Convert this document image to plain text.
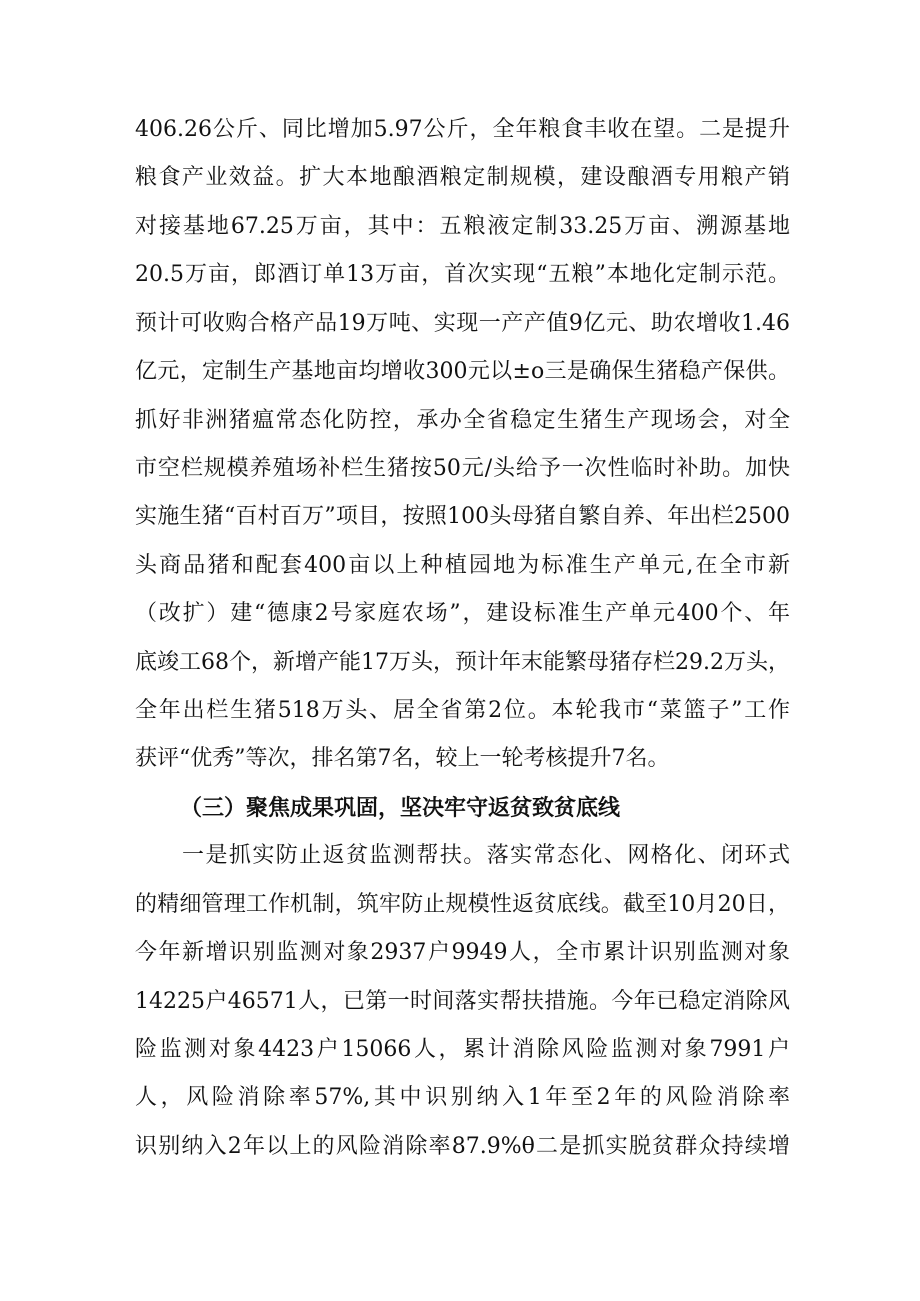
406.26公斤、同比增加5.97公斤，全年粮食丰收在望。二是提升
粮食产业效益。扩大本地酿酒粮定制规模，建设酿酒专用粮产销
对接基地67.25万亩，其中：五粮液定制33.25万亩、溯源基地
20.5万亩，郎酒订单13万亩，首次实现“五粮”本地化定制示范。
预计可收购合格产品19万吨、实现一产产值9亿元、助农增收1.46
亿元，定制生产基地亩均增收300元以±o三是确保生猪稳产保供。
抓好非洲猪瘟常态化防控，承办全省稳定生猪生产现场会，对全
市空栏规模养殖场补栏生猪按50元/头给予一次性临时补助。加快
实施生猪“百村百万”项目，按照100头母猪自繁自养、年出栏2500
头商品猪和配套400亩以上种植园地为标准生产单元,在全市新
（改扩）建“德康2号家庭农场”，建设标准生产单元400个、年
底竣工68个，新增产能17万头，预计年末能繁母猪存栏29.2万头，
全年出栏生猪518万头、居全省第2位。本轮我市“菜篮子”工作
获评“优秀”等次，排名第7名，较上一轮考核提升7名。
（三）聚焦成果巩固，坚决牢守返贫致贫底线
一是抓实防止返贫监测帮扶。落实常态化、网格化、闭环式
的精细管理工作机制，筑牢防止规模性返贫底线。截至10月20日，
今年新增识别监测对象2937户9949人，全市累计识别监测对象
14225户46571人，已第一时间落实帮扶措施。今年已稳定消除风
险监测对象4423户15066人，累计消除风险监测对象7991户
人，风险消除率57%,其中识别纳入1年至2年的风险消除率
识别纳入2年以上的风险消除率87.9%θ二是抓实脱贫群众持续增
